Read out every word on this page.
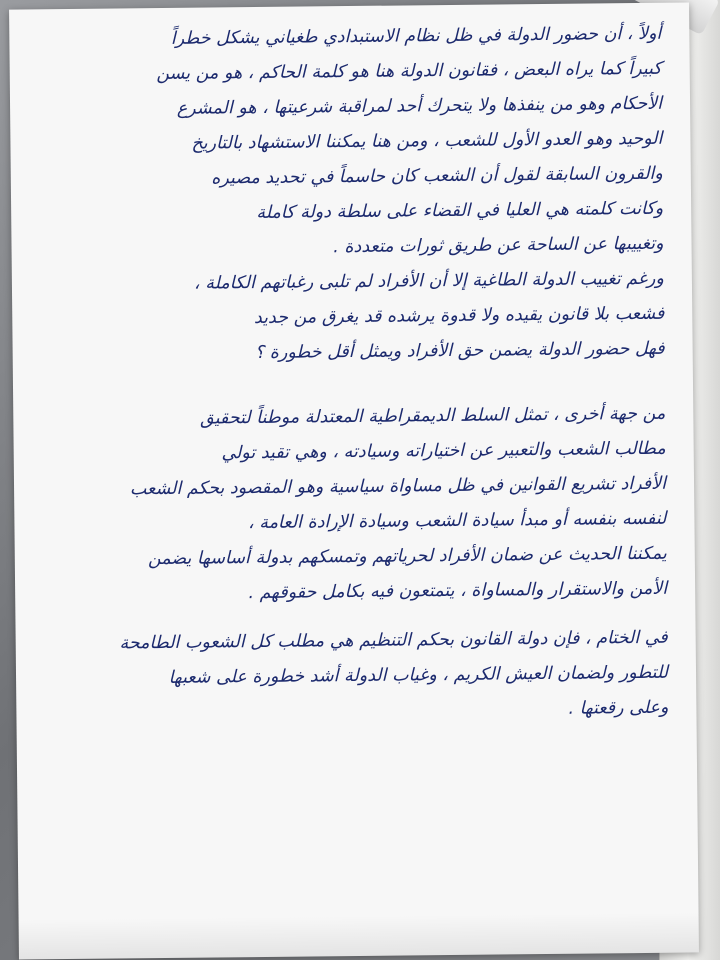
أولاً ، أن حضور الدولة في ظل نظام الاستبدادي طغياني يشكل خطراً
كبيراً كما يراه البعض ، فقانون الدولة هنا هو كلمة الحاكم ، هو من يسن
الأحكام وهو من ينفذها ولا يتحرك أحد لمراقبة شرعيتها ، هو المشرع
الوحيد وهو العدو الأول للشعب ، ومن هنا يمكننا الاستشهاد بالتاريخ
والقرون السابقة لقول أن الشعب كان حاسماً في تحديد مصيره
وكانت كلمته هي العليا في القضاء على سلطة دولة كاملة
وتغييبها عن الساحة عن طريق ثورات متعددة .
ورغم تغييب الدولة الطاغية إلا أن الأفراد لم تلبى رغباتهم الكاملة ،
فشعب بلا قانون يقيده ولا قدوة يرشده قد يغرق من جديد
فهل حضور الدولة يضمن حق الأفراد ويمثل أقل خطورة ؟
من جهة أخرى ، تمثل السلط الديمقراطية المعتدلة موطناً لتحقيق
مطالب الشعب والتعبير عن اختياراته وسيادته ، وهي تقيد تولي
الأفراد تشريع القوانين في ظل مساواة سياسية وهو المقصود بحكم الشعب
لنفسه بنفسه أو مبدأ سيادة الشعب وسيادة الإرادة العامة ،
يمكننا الحديث عن ضمان الأفراد لحرياتهم وتمسكهم بدولة أساسها يضمن
الأمن والاستقرار والمساواة ، يتمتعون فيه بكامل حقوقهم .
في الختام ، فإن دولة القانون بحكم التنظيم هي مطلب كل الشعوب الطامحة
للتطور ولضمان العيش الكريم ، وغياب الدولة أشد خطورة على شعبها
وعلى رقعتها .
